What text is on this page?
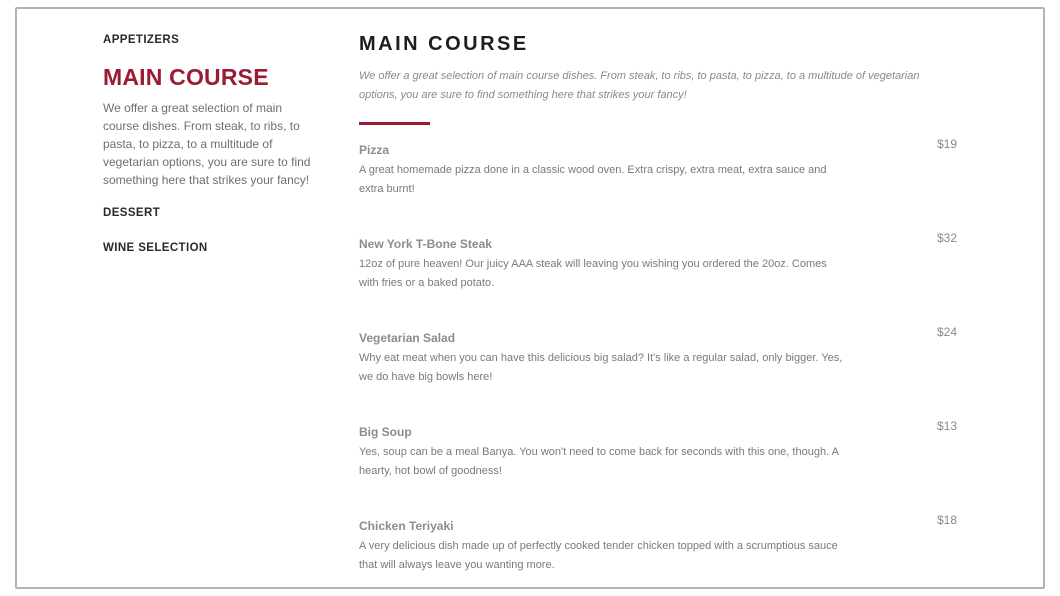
APPETIZERS
MAIN COURSE
We offer a great selection of main course dishes. From steak, to ribs, to pasta, to pizza, to a multitude of vegetarian options, you are sure to find something here that strikes your fancy!
DESSERT
WINE SELECTION
MAIN COURSE
We offer a great selection of main course dishes. From steak, to ribs, to pasta, to pizza, to a multitude of vegetarian options, you are sure to find something here that strikes your fancy!
Pizza
A great homemade pizza done in a classic wood oven. Extra crispy, extra meat, extra sauce and extra burnt!
$19
New York T-Bone Steak
12oz of pure heaven! Our juicy AAA steak will leaving you wishing you ordered the 20oz. Comes with fries or a baked potato.
$32
Vegetarian Salad
Why eat meat when you can have this delicious big salad? It's like a regular salad, only bigger. Yes, we do have big bowls here!
$24
Big Soup
Yes, soup can be a meal Banya. You won't need to come back for seconds with this one, though. A hearty, hot bowl of goodness!
$13
Chicken Teriyaki
A very delicious dish made up of perfectly cooked tender chicken topped with a scrumptious sauce that will always leave you wanting more.
$18
